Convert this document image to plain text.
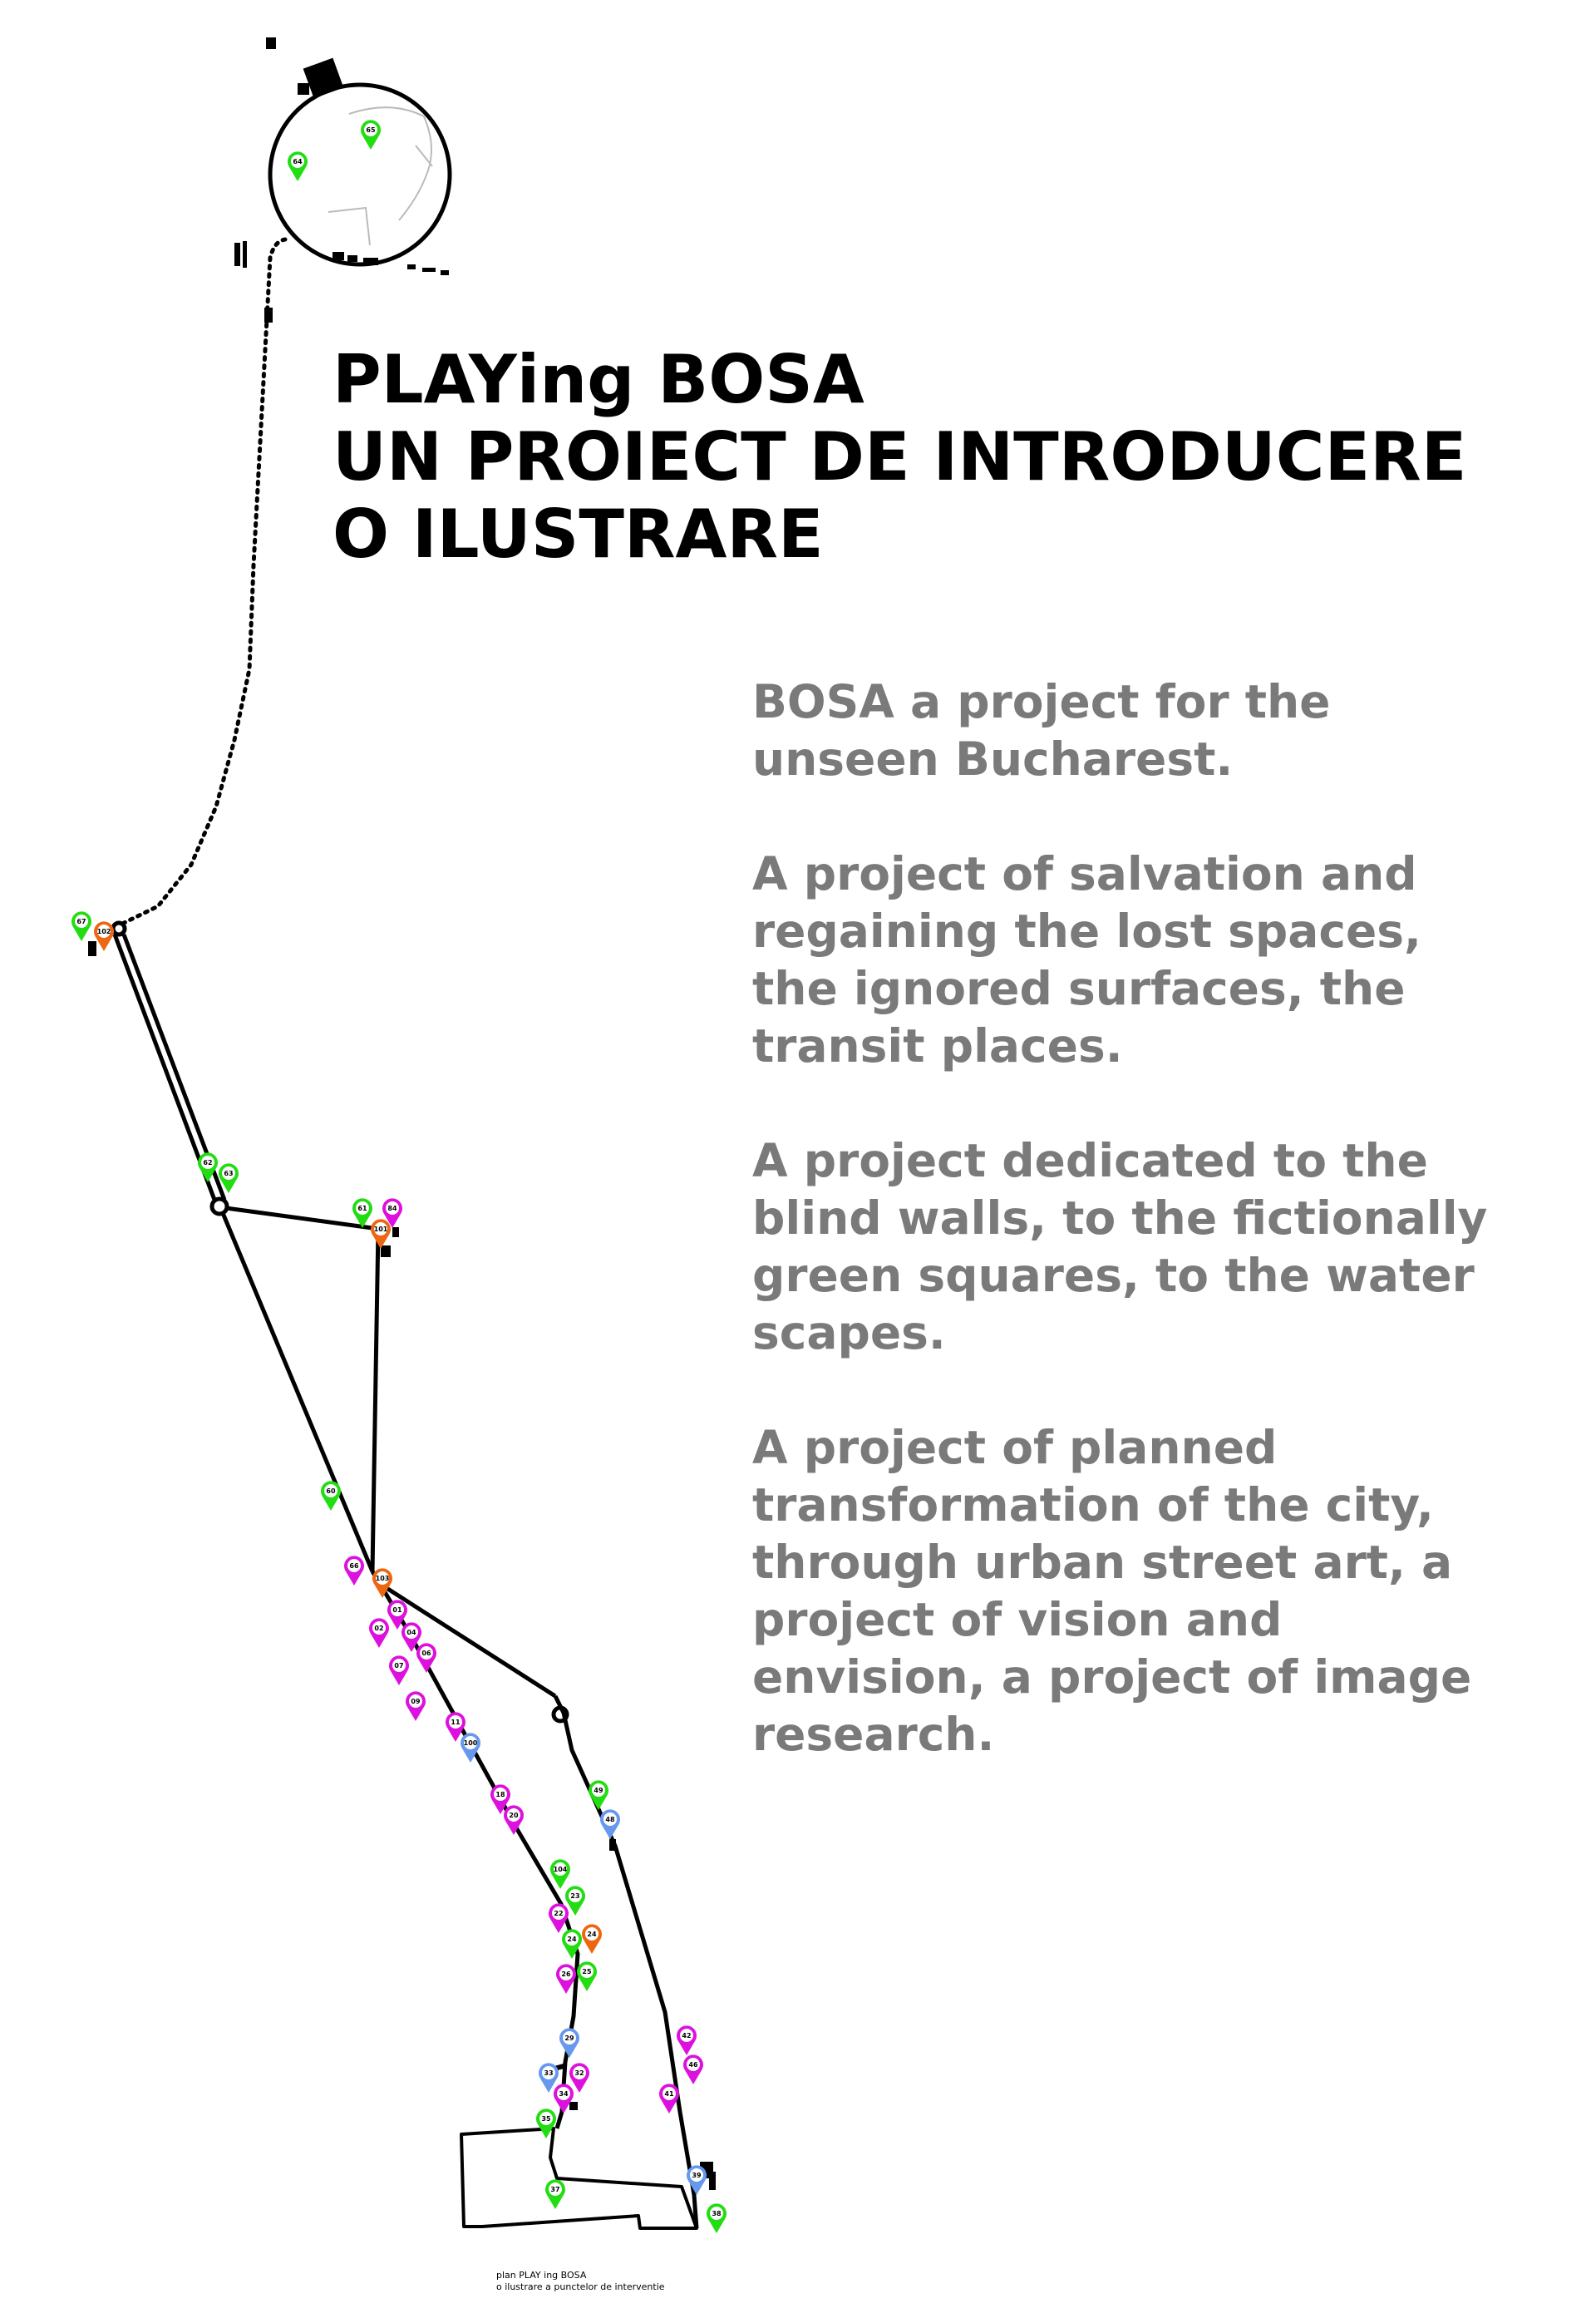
65
64
67
102
62
63
61	84
101
60
66
103
01
02
04
06
07
09
11
100
18
20
49
48
104
23
22
24
24
26 25
29
33	32
34
35
42
46
41
37
39
38
PLAYing BOSA
UN PROIECT DE INTRODUCERE
O ILUSTRARE

BOSA a project for the
unseen Bucharest.

A project of salvation and
regaining the lost spaces,
the ignored surfaces, the
transit places.

A project dedicated to the
blind walls, to the fictionally
green squares, to the water
scapes.

A project of planned
transformation of the city,
through urban street art, a
project of vision and
envision, a project of image
research.

plan PLAY ing BOSA
o ilustrare a punctelor de interventie
